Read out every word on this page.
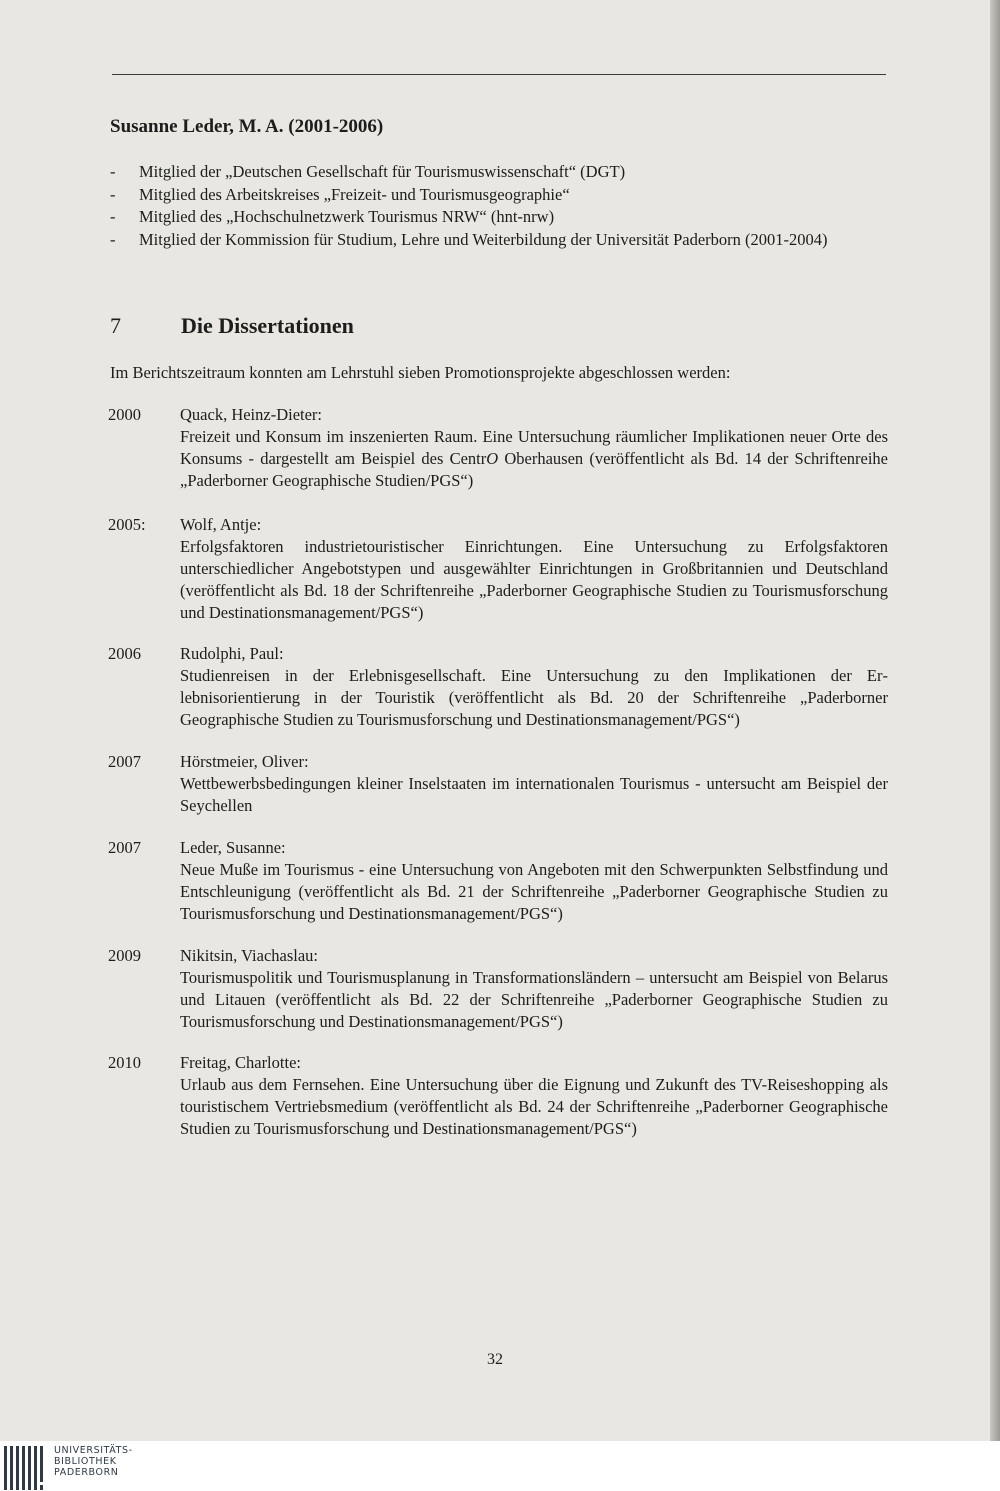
Susanne Leder, M. A. (2001-2006)
- Mitglied der „Deutschen Gesellschaft für Tourismuswissenschaft“ (DGT)
- Mitglied des Arbeitskreises „Freizeit- und Tourismusgeographie“
- Mitglied des „Hochschulnetzwerk Tourismus NRW“ (hnt-nrw)
- Mitglied der Kommission für Studium, Lehre und Weiterbildung der Universität Paderborn (2001-2004)
7	Die Dissertationen

Im Berichtszeitraum konnten am Lehrstuhl sieben Promotionsprojekte abgeschlossen werden:

2000 Quack, Heinz-Dieter:
Freizeit und Konsum im inszenierten Raum. Eine Untersuchung räumlicher Implikationen neuer Orte des Konsums - dargestellt am Beispiel des CentrO Oberhausen (veröffentlicht als Bd. 14 der Schriftenreihe „Paderborner Geographische Studien/PGS“)
2005: Wolf, Antje:
Erfolgsfaktoren industrietouristischer Einrichtungen. Eine Untersuchung zu Erfolgsfaktoren unterschiedlicher Angebotstypen und ausgewählter Einrichtungen in Großbritannien und Deutschland (veröffentlicht als Bd. 18 der Schriftenreihe „Paderborner Geographische Studien zu Tourismusforschung und Destinationsmanagement/PGS“)
2006 Rudolphi, Paul:
Studienreisen in der Erlebnisgesellschaft. Eine Untersuchung zu den Implikationen der Erlebnisorientierung in der Touristik (veröffentlicht als Bd. 20 der Schriftenreihe „Paderborner Geographische Studien zu Tourismusforschung und Destinationsmanagement/PGS“)
2007 Hörstmeier, Oliver:
Wettbewerbsbedingungen kleiner Inselstaaten im internationalen Tourismus - untersucht am Beispiel der Seychellen
2007 Leder, Susanne:
Neue Muße im Tourismus - eine Untersuchung von Angeboten mit den Schwerpunkten Selbstfindung und Entschleunigung (veröffentlicht als Bd. 21 der Schriftenreihe „Paderborner Geographische Studien zu Tourismusforschung und Destinationsmanagement/PGS“)
2009 Nikitsin, Viachaslau:
Tourismuspolitik und Tourismusplanung in Transformationsländern – untersucht am Beispiel von Belarus und Litauen (veröffentlicht als Bd. 22 der Schriftenreihe „Paderborner Geographische Studien zu Tourismusforschung und Destinationsmanagement/PGS“)
2010 Freitag, Charlotte:
Urlaub aus dem Fernsehen. Eine Untersuchung über die Eignung und Zukunft des TV-Reiseshopping als touristischem Vertriebsmedium (veröffentlicht als Bd. 24 der Schriftenreihe „Paderborner Geographische Studien zu Tourismusforschung und Destinationsmanagement/PGS“)
32
UNIVERSITÄTS-
BIBLIOTHEK
PADERBORN
